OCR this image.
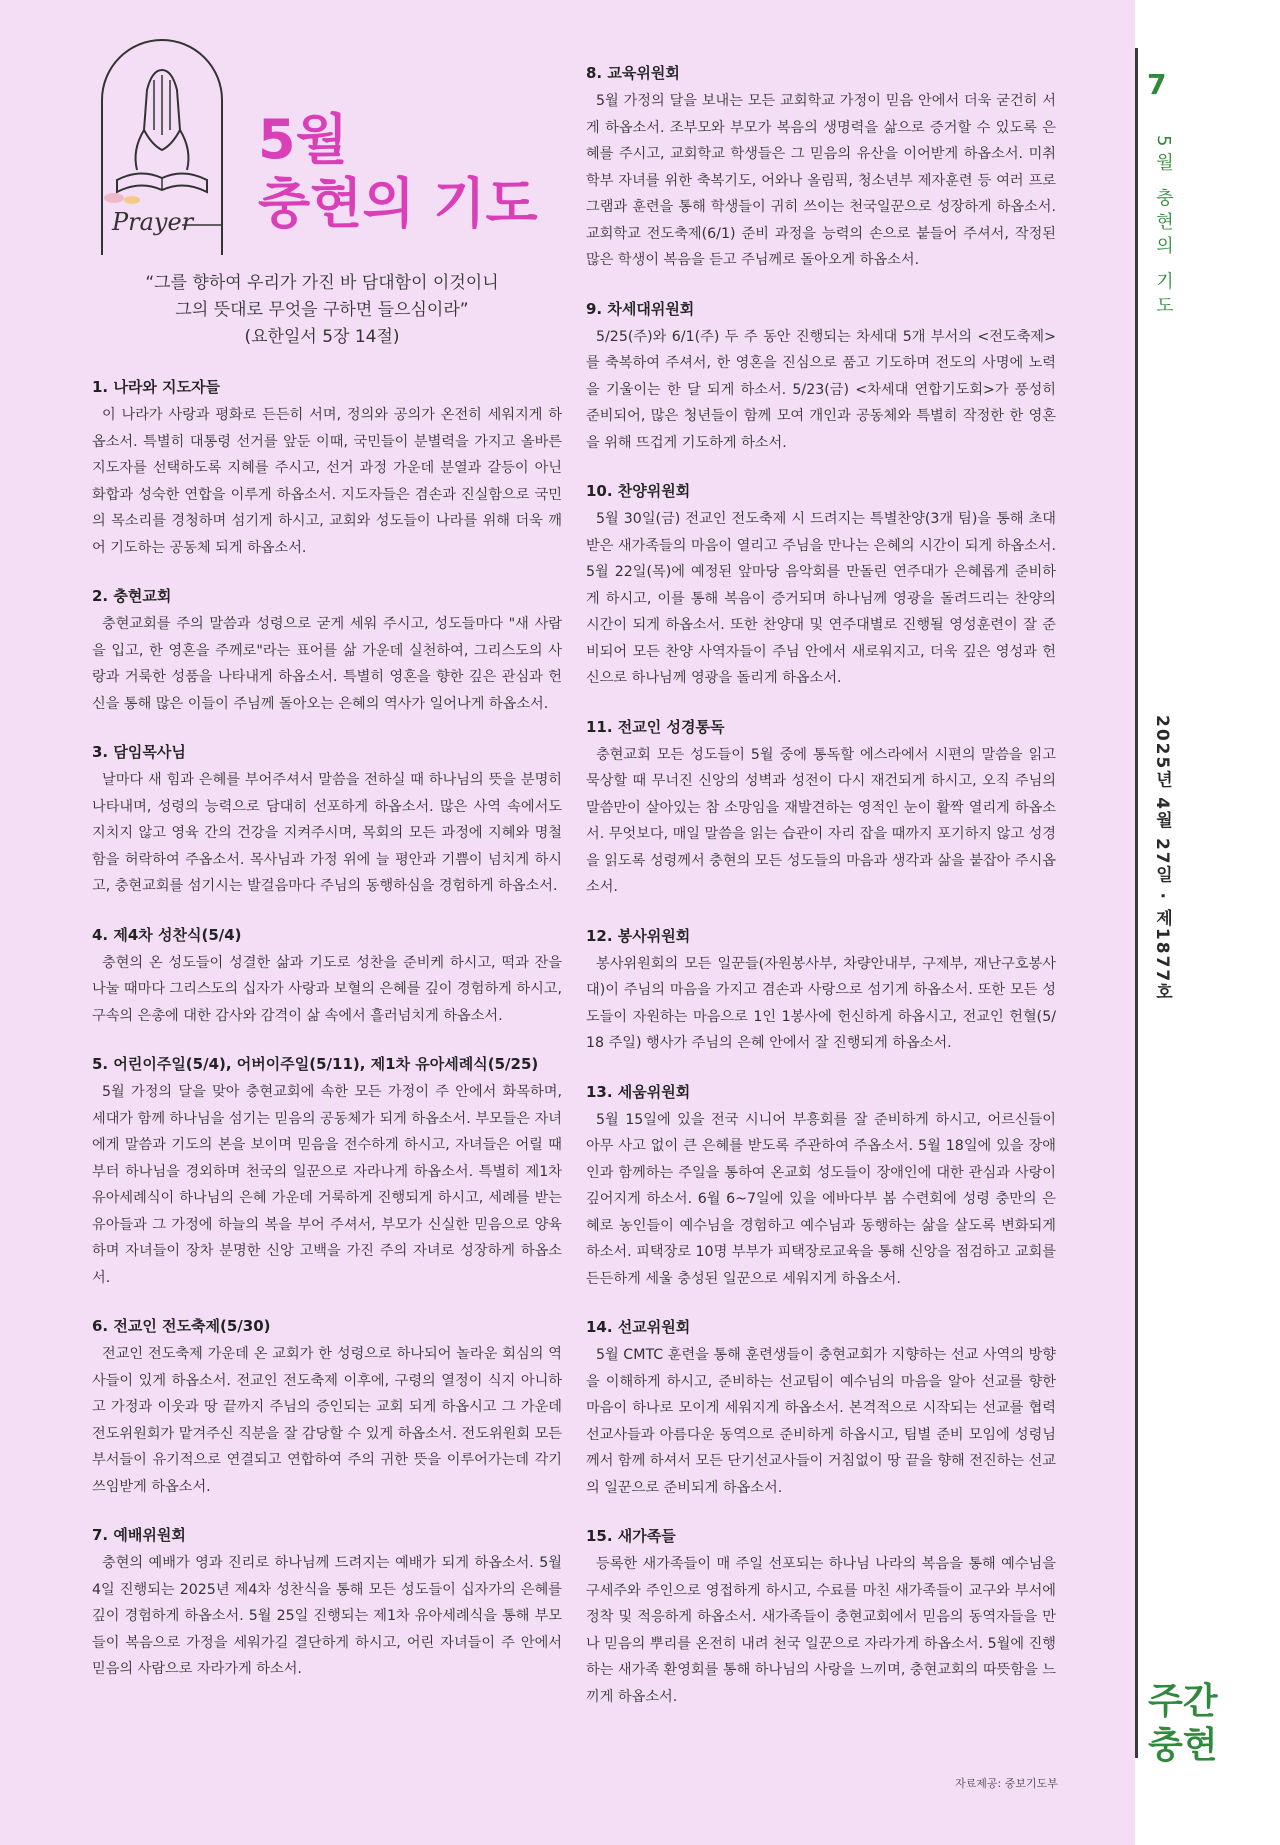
7
5월 충현의 기도
2025년 4월 27일 · 제1877호
주간 충현
Prayer
5월
충현의 기도
“그를 향하여 우리가 가진 바 담대함이 이것이니
그의 뜻대로 무엇을 구하면 들으심이라”
(요한일서 5장 14절)
1. 나라와 지도자들

이 나라가 사랑과 평화로 든든히 서며, 정의와 공의가 온전히 세워지게 하옵소서. 특별히 대통령 선거를 앞둔 이때, 국민들이 분별력을 가지고 올바른 지도자를 선택하도록 지혜를 주시고, 선거 과정 가운데 분열과 갈등이 아닌 화합과 성숙한 연합을 이루게 하옵소서. 지도자들은 겸손과 진실함으로 국민의 목소리를 경청하며 섬기게 하시고, 교회와 성도들이 나라를 위해 더욱 깨어 기도하는 공동체 되게 하옵소서.

2. 충현교회

충현교회를 주의 말씀과 성령으로 굳게 세워 주시고, 성도들마다 "새 사람을 입고, 한 영혼을 주께로"라는 표어를 삶 가운데 실천하여, 그리스도의 사랑과 거룩한 성품을 나타내게 하옵소서. 특별히 영혼을 향한 깊은 관심과 헌신을 통해 많은 이들이 주님께 돌아오는 은혜의 역사가 일어나게 하옵소서.

3. 담임목사님

날마다 새 힘과 은혜를 부어주셔서 말씀을 전하실 때 하나님의 뜻을 분명히 나타내며, 성령의 능력으로 담대히 선포하게 하옵소서. 많은 사역 속에서도 지치지 않고 영육 간의 건강을 지켜주시며, 목회의 모든 과정에 지혜와 명철함을 허락하여 주옵소서. 목사님과 가정 위에 늘 평안과 기쁨이 넘치게 하시고, 충현교회를 섬기시는 발걸음마다 주님의 동행하심을 경험하게 하옵소서.

4. 제4차 성찬식(5/4)

충현의 온 성도들이 성결한 삶과 기도로 성찬을 준비케 하시고, 떡과 잔을 나눌 때마다 그리스도의 십자가 사랑과 보혈의 은혜를 깊이 경험하게 하시고, 구속의 은총에 대한 감사와 감격이 삶 속에서 흘러넘치게 하옵소서.

5. 어린이주일(5/4), 어버이주일(5/11), 제1차 유아세례식(5/25)

5월 가정의 달을 맞아 충현교회에 속한 모든 가정이 주 안에서 화목하며, 세대가 함께 하나님을 섬기는 믿음의 공동체가 되게 하옵소서. 부모들은 자녀에게 말씀과 기도의 본을 보이며 믿음을 전수하게 하시고, 자녀들은 어릴 때부터 하나님을 경외하며 천국의 일꾼으로 자라나게 하옵소서. 특별히 제1차 유아세례식이 하나님의 은혜 가운데 거룩하게 진행되게 하시고, 세례를 받는 유아들과 그 가정에 하늘의 복을 부어 주셔서, 부모가 신실한 믿음으로 양육하며 자녀들이 장차 분명한 신앙 고백을 가진 주의 자녀로 성장하게 하옵소서.

6. 전교인 전도축제(5/30)

전교인 전도축제 가운데 온 교회가 한 성령으로 하나되어 놀라운 회심의 역사들이 있게 하옵소서. 전교인 전도축제 이후에, 구령의 열정이 식지 아니하고 가정과 이웃과 땅 끝까지 주님의 증인되는 교회 되게 하옵시고 그 가운데 전도위원회가 맡겨주신 직분을 잘 감당할 수 있게 하옵소서. 전도위원회 모든 부서들이 유기적으로 연결되고 연합하여 주의 귀한 뜻을 이루어가는데 각기 쓰임받게 하옵소서.

7. 예배위원회

충현의 예배가 영과 진리로 하나님께 드려지는 예배가 되게 하옵소서. 5월 4일 진행되는 2025년 제4차 성찬식을 통해 모든 성도들이 십자가의 은혜를 깊이 경험하게 하옵소서. 5월 25일 진행되는 제1차 유아세례식을 통해 부모들이 복음으로 가정을 세워가길 결단하게 하시고, 어린 자녀들이 주 안에서 믿음의 사람으로 자라가게 하소서.

8. 교육위원회

5월 가정의 달을 보내는 모든 교회학교 가정이 믿음 안에서 더욱 굳건히 서게 하옵소서. 조부모와 부모가 복음의 생명력을 삶으로 증거할 수 있도록 은혜를 주시고, 교회학교 학생들은 그 믿음의 유산을 이어받게 하옵소서. 미취학부 자녀를 위한 축복기도, 어와나 올림픽, 청소년부 제자훈련 등 여러 프로그램과 훈련을 통해 학생들이 귀히 쓰이는 천국일꾼으로 성장하게 하옵소서. 교회학교 전도축제(6/1) 준비 과정을 능력의 손으로 붙들어 주셔서, 작정된 많은 학생이 복음을 듣고 주님께로 돌아오게 하옵소서.

9. 차세대위원회

5/25(주)와 6/1(주) 두 주 동안 진행되는 차세대 5개 부서의 <전도축제>를 축복하여 주셔서, 한 영혼을 진심으로 품고 기도하며 전도의 사명에 노력을 기울이는 한 달 되게 하소서. 5/23(금) <차세대 연합기도회>가 풍성히 준비되어, 많은 청년들이 함께 모여 개인과 공동체와 특별히 작정한 한 영혼을 위해 뜨겁게 기도하게 하소서.

10. 찬양위원회

5월 30일(금) 전교인 전도축제 시 드려지는 특별찬양(3개 팀)을 통해 초대받은 새가족들의 마음이 열리고 주님을 만나는 은혜의 시간이 되게 하옵소서. 5월 22일(목)에 예정된 앞마당 음악회를 만돌린 연주대가 은혜롭게 준비하게 하시고, 이를 통해 복음이 증거되며 하나님께 영광을 돌려드리는 찬양의 시간이 되게 하옵소서. 또한 찬양대 및 연주대별로 진행될 영성훈련이 잘 준비되어 모든 찬양 사역자들이 주님 안에서 새로워지고, 더욱 깊은 영성과 헌신으로 하나님께 영광을 돌리게 하옵소서.

11. 전교인 성경통독

충현교회 모든 성도들이 5월 중에 통독할 에스라에서 시편의 말씀을 읽고 묵상할 때 무너진 신앙의 성벽과 성전이 다시 재건되게 하시고, 오직 주님의 말씀만이 살아있는 참 소망임을 재발견하는 영적인 눈이 활짝 열리게 하옵소서. 무엇보다, 매일 말씀을 읽는 습관이 자리 잡을 때까지 포기하지 않고 성경을 읽도록 성령께서 충현의 모든 성도들의 마음과 생각과 삶을 붙잡아 주시옵소서.

12. 봉사위원회

봉사위원회의 모든 일꾼들(자원봉사부, 차량안내부, 구제부, 재난구호봉사대)이 주님의 마음을 가지고 겸손과 사랑으로 섬기게 하옵소서. 또한 모든 성도들이 자원하는 마음으로 1인 1봉사에 헌신하게 하옵시고, 전교인 헌혈(5/18 주일) 행사가 주님의 은혜 안에서 잘 진행되게 하옵소서.

13. 세움위원회

5월 15일에 있을 전국 시니어 부흥회를 잘 준비하게 하시고, 어르신들이 아무 사고 없이 큰 은혜를 받도록 주관하여 주옵소서. 5월 18일에 있을 장애인과 함께하는 주일을 통하여 온교회 성도들이 장애인에 대한 관심과 사랑이 깊어지게 하소서. 6월 6~7일에 있을 에바다부 봄 수련회에 성령 충만의 은혜로 농인들이 예수님을 경험하고 예수님과 동행하는 삶을 살도록 변화되게 하소서. 피택장로 10명 부부가 피택장로교육을 통해 신앙을 점검하고 교회를 든든하게 세울 충성된 일꾼으로 세워지게 하옵소서.

14. 선교위원회

5월 CMTC 훈련을 통해 훈련생들이 충현교회가 지향하는 선교 사역의 방향을 이해하게 하시고, 준비하는 선교팀이 예수님의 마음을 알아 선교를 향한 마음이 하나로 모이게 세워지게 하옵소서. 본격적으로 시작되는 선교를 협력 선교사들과 아름다운 동역으로 준비하게 하옵시고, 팀별 준비 모임에 성령님께서 함께 하셔서 모든 단기선교사들이 거침없이 땅 끝을 향해 전진하는 선교의 일꾼으로 준비되게 하옵소서.

15. 새가족들

등록한 새가족들이 매 주일 선포되는 하나님 나라의 복음을 통해 예수님을 구세주와 주인으로 영접하게 하시고, 수료를 마친 새가족들이 교구와 부서에 정착 및 적응하게 하옵소서. 새가족들이 충현교회에서 믿음의 동역자들을 만나 믿음의 뿌리를 온전히 내려 천국 일꾼으로 자라가게 하옵소서. 5월에 진행하는 새가족 환영회를 통해 하나님의 사랑을 느끼며, 충현교회의 따뜻함을 느끼게 하옵소서.

자료제공: 중보기도부
